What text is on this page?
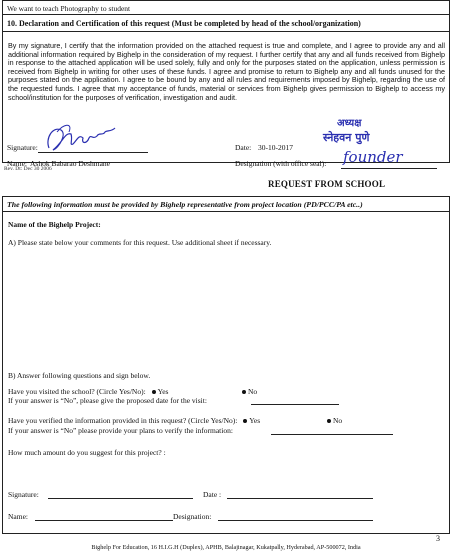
We want to teach Photography to student
10. Declaration and Certification of this request (Must be completed by head of the school/organization)
By my signature, I certify that the information provided on the attached request is true and complete, and I agree to provide any and all additional information required by Bighelp in the consideration of my request. I further certify that any and all funds received from Bighelp in response to the attached application will be used solely, fully and only for the purposes stated on the application, unless permission is received from Bighelp in writing for other uses of these funds. I agree and promise to return to Bighelp any and all funds unused for the purposes stated on the application. I agree to be bound by any and all rules and requirements imposed by Bighelp, regarding the use of the requested funds. I agree that my acceptance of funds, material or services from Bighelp gives permission to Bighelp to access my school/institution for the purposes of verification, investigation and audit.
Signature:	Date: 30-10-2017
अध्यक्ष
स्नेहवन पुणे
Name: Ashok Babarao Deshmane	Designation (with office seal): founder
Rev. Dt: Dec 30 2006
REQUEST FROM SCHOOL
The following information must be provided by Bighelp representative from project location (PD/PCC/PA etc..)
Name of the Bighelp Project:
A) Please state below your comments for this request. Use additional sheet if necessary.
B) Answer following questions and sign below.
Have you visited the school? (Circle Yes/No): Yes	No
If your answer is “No”, please give the proposed date for the visit:
Have you verified the information provided in this request? (Circle Yes/No): Yes	No
If your answer is “No” please provide your plans to verify the information:
How much amount do you suggest for this project? :
Signature:	Date :
Name:	Designation:
3
Bighelp For Education, 16 H.I.G.H (Duplex), APHB, Balajinagar, Kukatpally, Hyderabad, AP-500072, India
